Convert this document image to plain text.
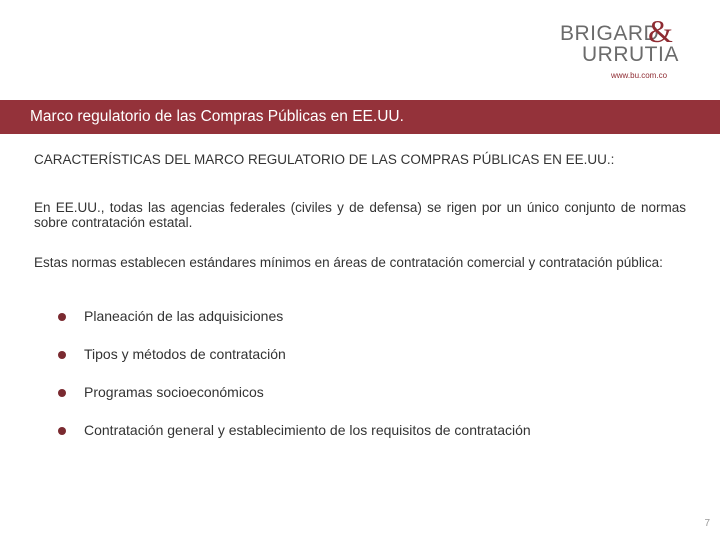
BRIGARD
&
URRUTIA
www.bu.com.co
Marco regulatorio de las Compras Públicas en EE.UU.
CARACTERÍSTICAS DEL MARCO REGULATORIO DE LAS COMPRAS PÚBLICAS EN EE.UU.:
En EE.UU., todas las agencias federales (civiles y de defensa) se rigen por un único conjunto de normas sobre contratación estatal.
Estas normas establecen estándares mínimos en áreas de contratación comercial y contratación pública:
Planeación de las adquisiciones
Tipos y métodos de contratación
Programas socioeconómicos
Contratación general y establecimiento de los requisitos de contratación
7
